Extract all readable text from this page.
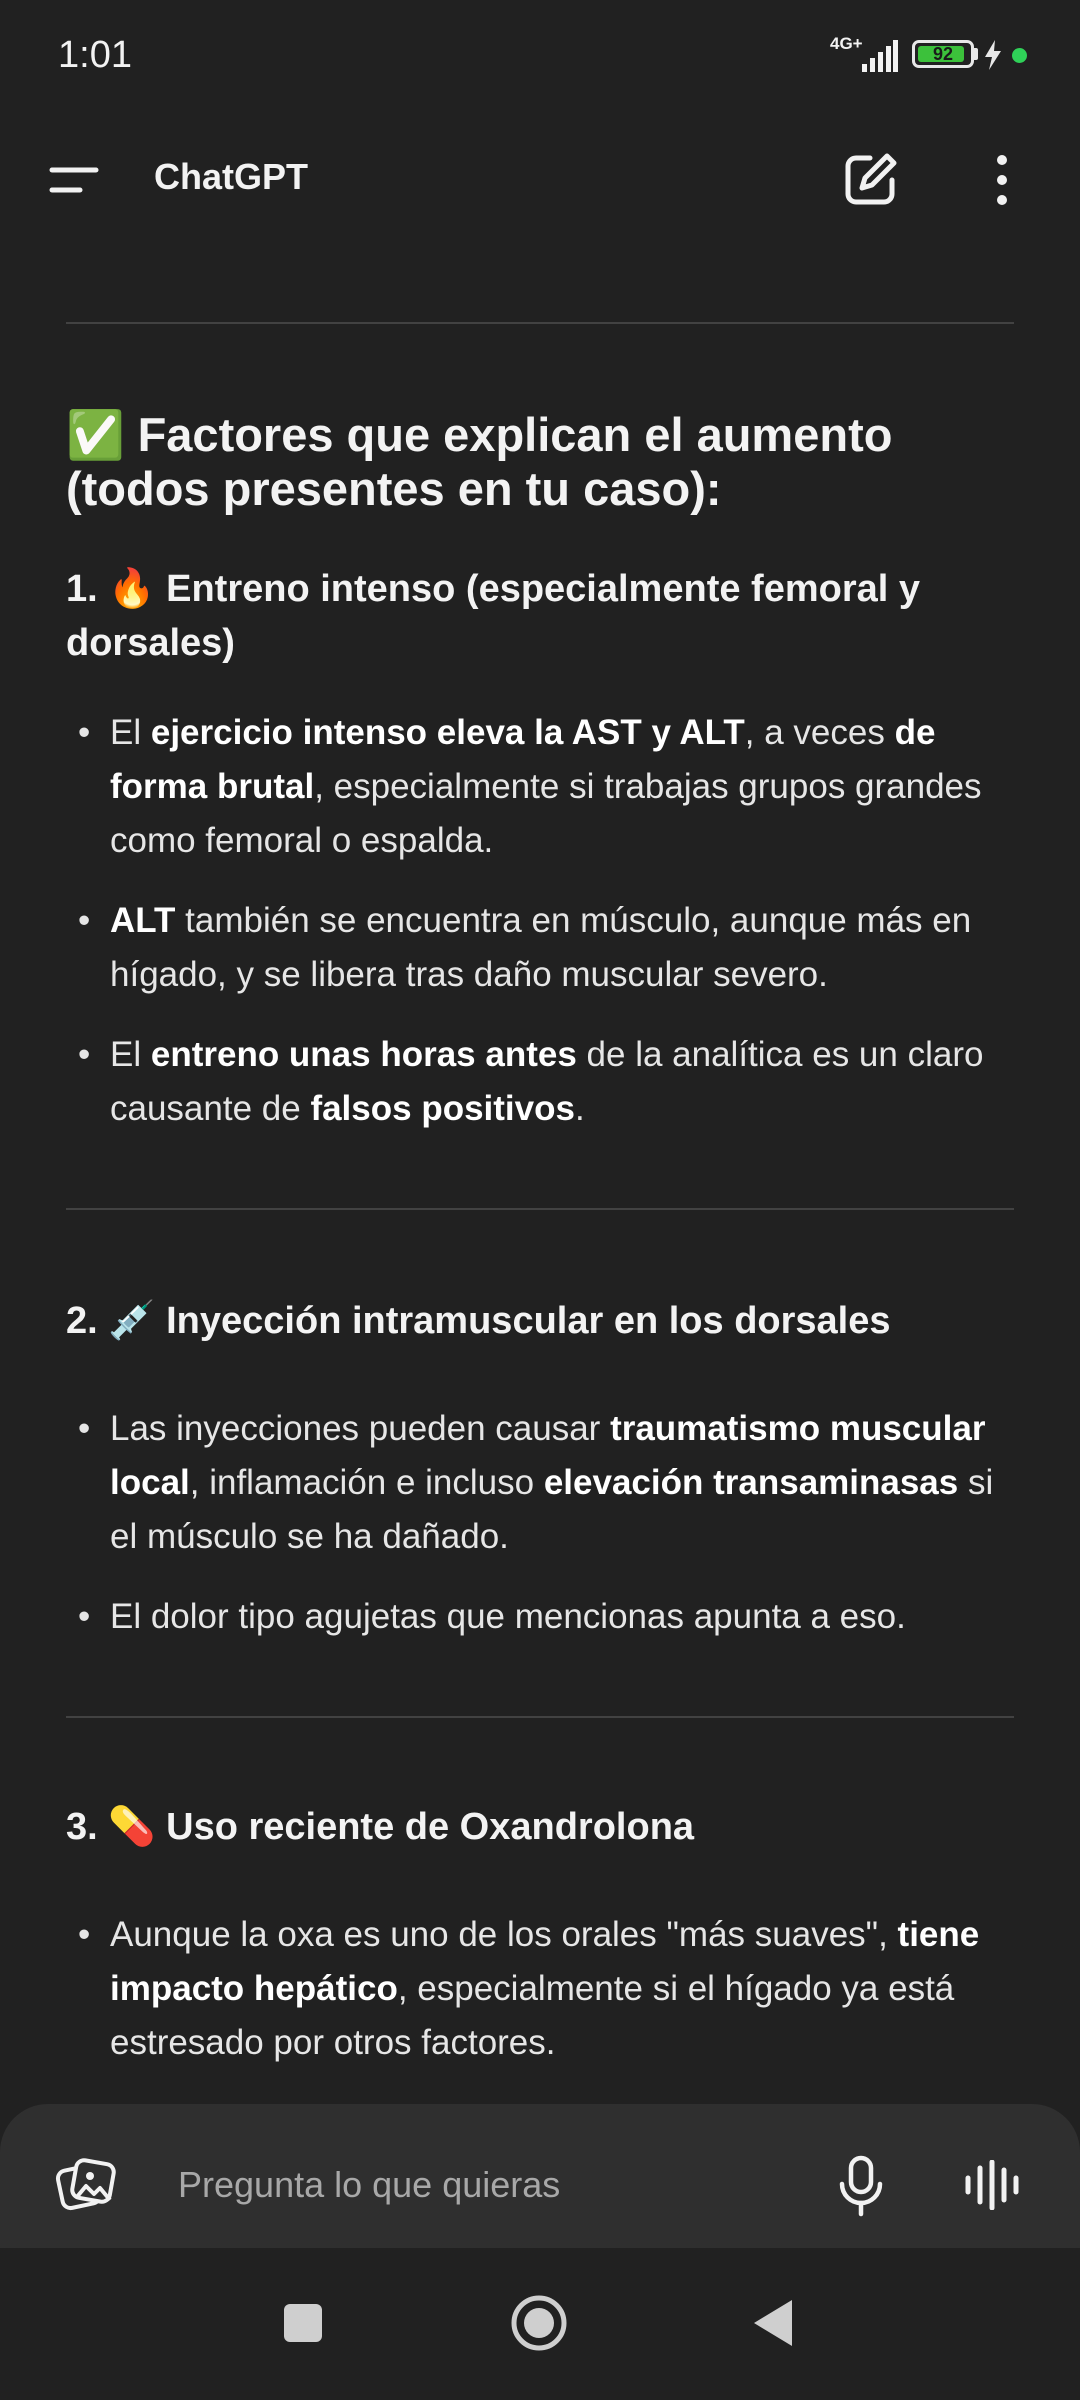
1:01	4G+
92
ChatGPT
✅ Factores que explican el aumento (todos presentes en tu caso):
1. 🔥 Entreno intenso (especialmente femoral y dorsales)
• El ejercicio intenso eleva la AST y ALT, a veces de forma brutal, especialmente si trabajas grupos grandes como femoral o espalda.
• ALT también se encuentra en músculo, aunque más en hígado, y se libera tras daño muscular severo.
• El entreno unas horas antes de la analítica es un claro causante de falsos positivos.
2. 💉 Inyección intramuscular en los dorsales
• Las inyecciones pueden causar traumatismo muscular local, inflamación e incluso elevación transaminasas si el músculo se ha dañado.
• El dolor tipo agujetas que mencionas apunta a eso.
3. 💊 Uso reciente de Oxandrolona
• Aunque la oxa es uno de los orales "más suaves", tiene impacto hepático, especialmente si el hígado ya está estresado por otros factores.
Pregunta lo que quieras
